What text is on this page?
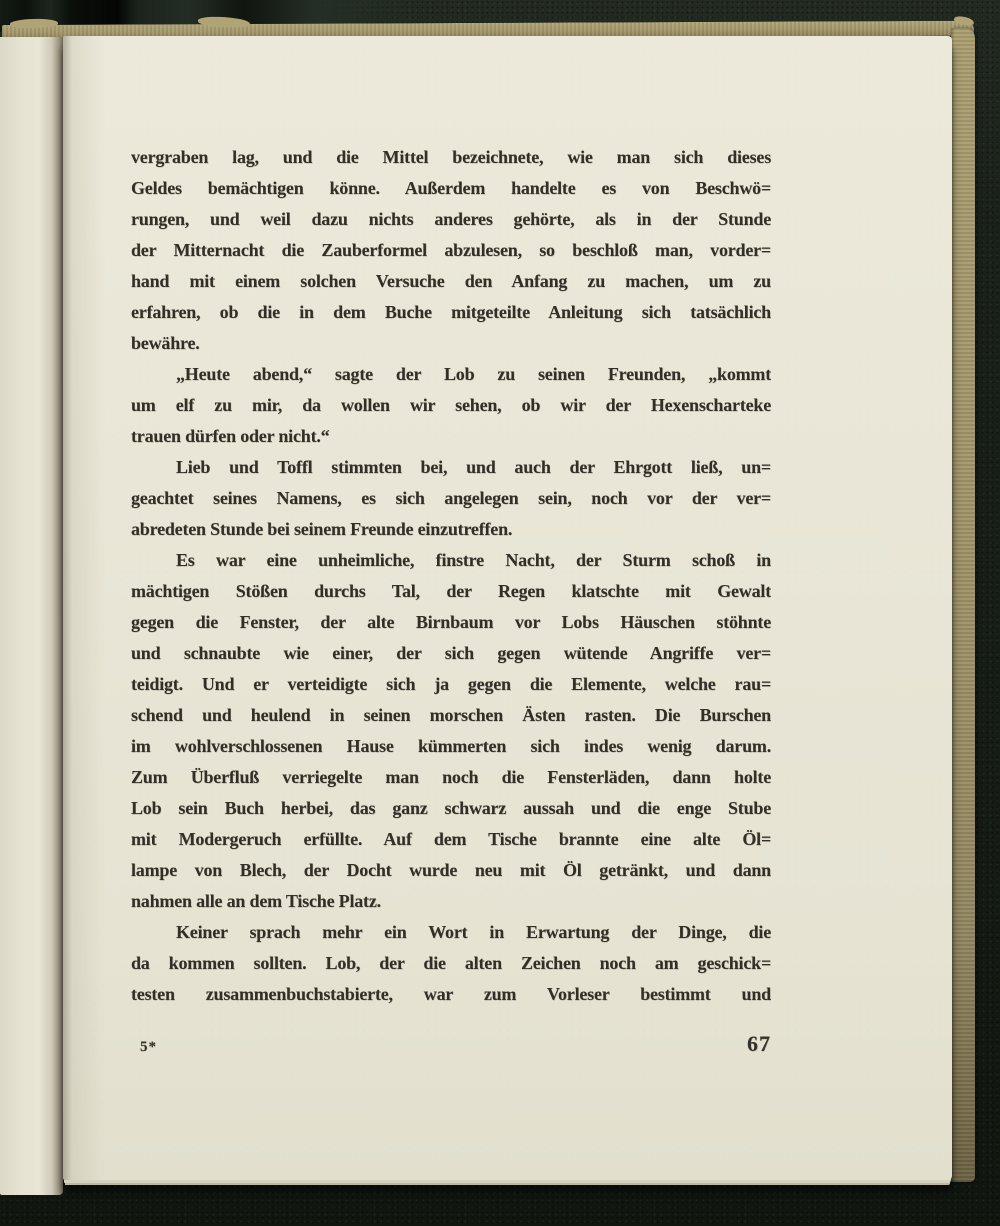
vergraben lag, und die Mittel bezeichnete, wie man sich dieses
Geldes bemächtigen könne. Außerdem handelte es von Beschwö=
rungen, und weil dazu nichts anderes gehörte, als in der Stunde
der Mitternacht die Zauberformel abzulesen, so beschloß man, vorder=
hand mit einem solchen Versuche den Anfang zu machen, um zu
erfahren, ob die in dem Buche mitgeteilte Anleitung sich tatsächlich
bewähre.
„Heute abend,“ sagte der Lob zu seinen Freunden, „kommt
um elf zu mir, da wollen wir sehen, ob wir der Hexenscharteke
trauen dürfen oder nicht.“
Lieb und Toffl stimmten bei, und auch der Ehrgott ließ, un=
geachtet seines Namens, es sich angelegen sein, noch vor der ver=
abredeten Stunde bei seinem Freunde einzutreffen.
Es war eine unheimliche, finstre Nacht, der Sturm schoß in
mächtigen Stößen durchs Tal, der Regen klatschte mit Gewalt
gegen die Fenster, der alte Birnbaum vor Lobs Häuschen stöhnte
und schnaubte wie einer, der sich gegen wütende Angriffe ver=
teidigt. Und er verteidigte sich ja gegen die Elemente, welche rau=
schend und heulend in seinen morschen Ästen rasten. Die Burschen
im wohlverschlossenen Hause kümmerten sich indes wenig darum.
Zum Überfluß verriegelte man noch die Fensterläden, dann holte
Lob sein Buch herbei, das ganz schwarz aussah und die enge Stube
mit Modergeruch erfüllte. Auf dem Tische brannte eine alte Öl=
lampe von Blech, der Docht wurde neu mit Öl getränkt, und dann
nahmen alle an dem Tische Platz.
Keiner sprach mehr ein Wort in Erwartung der Dinge, die
da kommen sollten. Lob, der die alten Zeichen noch am geschick=
testen zusammenbuchstabierte, war zum Vorleser bestimmt und
5*	67
